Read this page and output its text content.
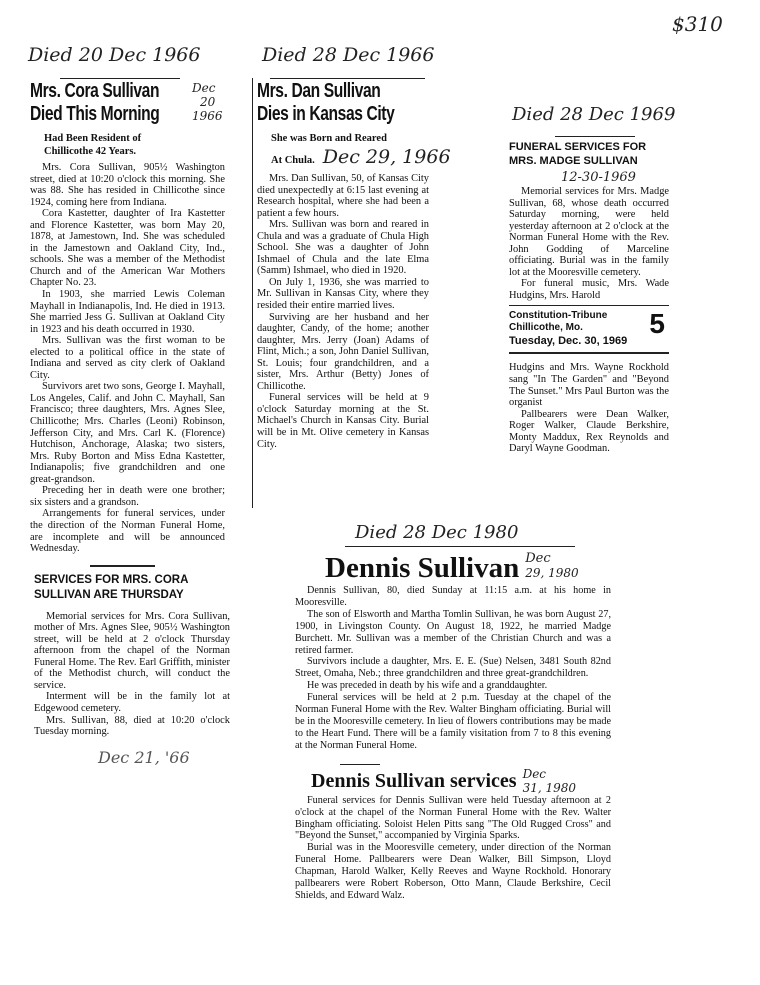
$310
Died 20 Dec 1966
Mrs. Cora Sullivan
Died This Morning
Dec
20
1966
Had Been Resident of
Chillicothe 42 Years.

Mrs. Cora Sullivan, 905½ Washington street, died at 10:20 o'clock this morning. She was 88. She has resided in Chillicothe since 1924, coming here from Indiana.

Cora Kastetter, daughter of Ira Kastetter and Florence Kastetter, was born May 20, 1878, at Jamestown, Ind. She was scheduled in the Jamestown and Oakland City, Ind., schools. She was a member of the Methodist Church and of the American War Mothers Chapter No. 23.

In 1903, she married Lewis Coleman Mayhall in Indianapolis, Ind. He died in 1913. She married Jess G. Sullivan at Oakland City in 1923 and his death occurred in 1930.

Mrs. Sullivan was the first woman to be elected to a political office in the state of Indiana and served as city clerk of Oakland City.

Survivors aret two sons, George I. Mayhall, Los Angeles, Calif. and John C. Mayhall, San Francisco; three daughters, Mrs. Agnes Slee, Chillicothe; Mrs. Charles (Leoni) Robinson, Jefferson City, and Mrs. Carl K. (Florence) Hutchison, Anchorage, Alaska; two sisters, Mrs. Ruby Borton and Miss Edna Kastetter, Indianapolis; five grandchildren and one great-grandson.

Preceding her in death were one brother; six sisters and a grandson.

Arrangements for funeral services, under the direction of the Norman Funeral Home, are incomplete and will be announced Wednesday.

SERVICES FOR MRS. CORA
SULLIVAN ARE THURSDAY

Memorial services for Mrs. Cora Sullivan, mother of Mrs. Agnes Slee, 905½ Washington street, will be held at 2 o'clock Thursday afternoon from the chapel of the Norman Funeral Home. The Rev. Earl Griffith, minister of the Methodist church, will conduct the service.

Interment will be in the family lot at Edgewood cemetery.

Mrs. Sullivan, 88, died at 10:20 o'clock Tuesday morning.

Dec 21, '66
Died 28 Dec 1966
Mrs. Dan Sullivan
Dies in Kansas City
She was Born and Reared
At Chula. Dec 29, 1966

Mrs. Dan Sullivan, 50, of Kansas City died unexpectedly at 6:15 last evening at Research hospital, where she had been a patient a few hours.

Mrs. Sullivan was born and reared in Chula and was a graduate of Chula High School. She was a daughter of John Ishmael of Chula and the late Elma (Samm) Ishmael, who died in 1920.

On July 1, 1936, she was married to Mr. Sullivan in Kansas City, where they resided their entire married lives.

Surviving are her husband and her daughter, Candy, of the home; another daughter, Mrs. Jerry (Joan) Adams of Flint, Mich.; a son, John Daniel Sullivan, St. Louis; four grandchildren, and a sister, Mrs. Arthur (Betty) Jones of Chillicothe.

Funeral services will be held at 9 o'clock Saturday morning at the St. Michael's Church in Kansas City. Burial will be in Mt. Olive cemetery in Kansas City.

Died 28 Dec 1969
FUNERAL SERVICES FOR
MRS. MADGE SULLIVAN
12-30-1969

Memorial services for Mrs. Madge Sullivan, 68, whose death occurred Saturday morning, were held yesterday afternoon at 2 o'clock at the Norman Funeral Home with the Rev. John Godding of Marceline officiating. Burial was in the family lot at the Mooresville cemetery.

For funeral music, Mrs. Wade Hudgins, Mrs. Harold

Constitution-Tribune
Chillicothe, Mo.
Tuesday, Dec. 30, 1969
5

Hudgins and Mrs. Wayne Rockhold sang "In The Garden" and "Beyond The Sunset." Mrs Paul Burton was the organist

Pallbearers were Dean Walker, Roger Walker, Claude Berkshire, Monty Maddux, Rex Reynolds and Daryl Wayne Goodman.

Died 28 Dec 1980
Dennis Sullivan Dec
29, 1980

Dennis Sullivan, 80, died Sunday at 11:15 a.m. at his home in Mooresville.

The son of Elsworth and Martha Tomlin Sullivan, he was born August 27, 1900, in Livingston County. On August 18, 1922, he married Madge Burchett. Mr. Sullivan was a member of the Christian Church and was a retired farmer.

Survivors include a daughter, Mrs. E. E. (Sue) Nelsen, 3481 South 82nd Street, Omaha, Neb.; three grandchildren and three great-grandchildren.

He was preceded in death by his wife and a granddaughter.

Funeral services will be held at 2 p.m. Tuesday at the chapel of the Norman Funeral Home with the Rev. Walter Bingham officiating. Burial will be in the Mooresville cemetery. In lieu of flowers contributions may be made to the Heart Fund. There will be a family visitation from 7 to 8 this evening at the Norman Funeral Home.

Dennis Sullivan services Dec
31, 1980

Funeral services for Dennis Sullivan were held Tuesday afternoon at 2 o'clock at the chapel of the Norman Funeral Home with the Rev. Walter Bingham officiating. Soloist Helen Pitts sang "The Old Rugged Cross" and "Beyond the Sunset," accompanied by Virginia Sparks.

Burial was in the Mooresville cemetery, under direction of the Norman Funeral Home. Pallbearers were Dean Walker, Bill Simpson, Lloyd Chapman, Harold Walker, Kelly Reeves and Wayne Rockhold. Honorary pallbearers were Robert Roberson, Otto Mann, Claude Berkshire, Cecil Shields, and Edward Walz.
